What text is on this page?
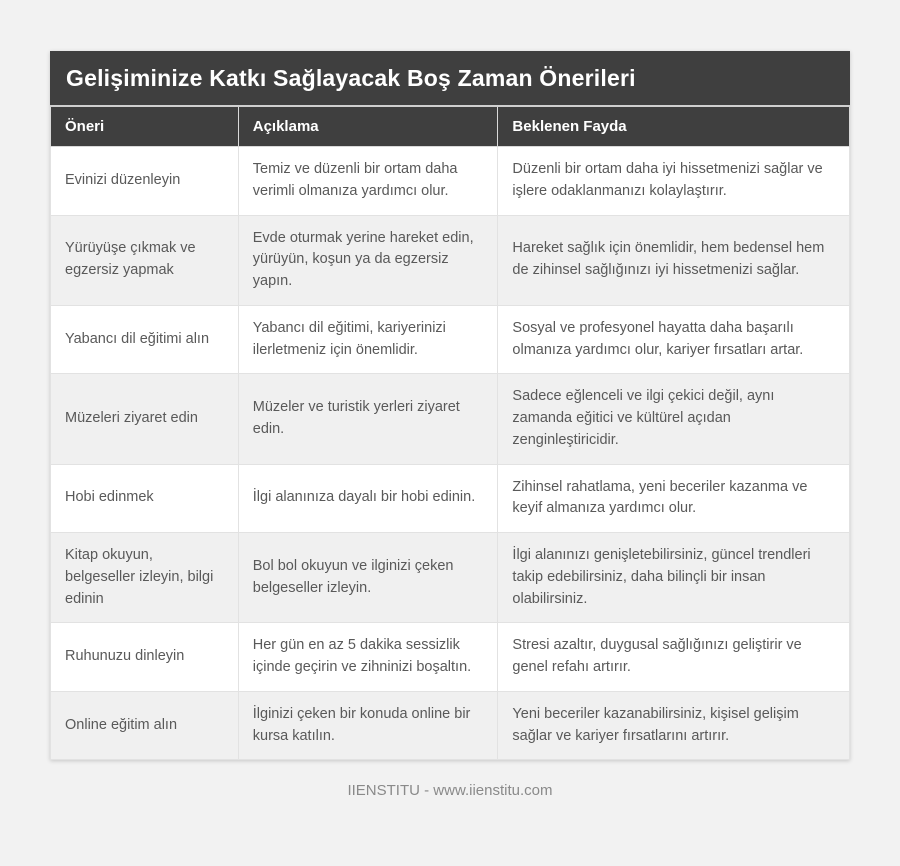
Gelişiminize Katkı Sağlayacak Boş Zaman Önerileri
Öneri	Açıklama	Beklenen Fayda
Evinizi düzenleyin	Temiz ve düzenli bir ortam daha verimli olmanıza yardımcı olur.	Düzenli bir ortam daha iyi hissetmenizi sağlar ve işlere odaklanmanızı kolaylaştırır.
Yürüyüşe çıkmak ve egzersiz yapmak	Evde oturmak yerine hareket edin, yürüyün, koşun ya da egzersiz yapın.	Hareket sağlık için önemlidir, hem bedensel hem de zihinsel sağlığınızı iyi hissetmenizi sağlar.
Yabancı dil eğitimi alın	Yabancı dil eğitimi, kariyerinizi ilerletmeniz için önemlidir.	Sosyal ve profesyonel hayatta daha başarılı olmanıza yardımcı olur, kariyer fırsatları artar.
Müzeleri ziyaret edin	Müzeler ve turistik yerleri ziyaret edin.	Sadece eğlenceli ve ilgi çekici değil, aynı zamanda eğitici ve kültürel açıdan zenginleştiricidir.
Hobi edinmek	İlgi alanınıza dayalı bir hobi edinin.	Zihinsel rahatlama, yeni beceriler kazanma ve keyif almanıza yardımcı olur.
Kitap okuyun, belgeseller izleyin, bilgi edinin	Bol bol okuyun ve ilginizi çeken belgeseller izleyin.	İlgi alanınızı genişletebilirsiniz, güncel trendleri takip edebilirsiniz, daha bilinçli bir insan olabilirsiniz.
Ruhunuzu dinleyin	Her gün en az 5 dakika sessizlik içinde geçirin ve zihninizi boşaltın.	Stresi azaltır, duygusal sağlığınızı geliştirir ve genel refahı artırır.
Online eğitim alın	İlginizi çeken bir konuda online bir kursa katılın.	Yeni beceriler kazanabilirsiniz, kişisel gelişim sağlar ve kariyer fırsatlarını artırır.
IIENSTITU - www.iienstitu.com
